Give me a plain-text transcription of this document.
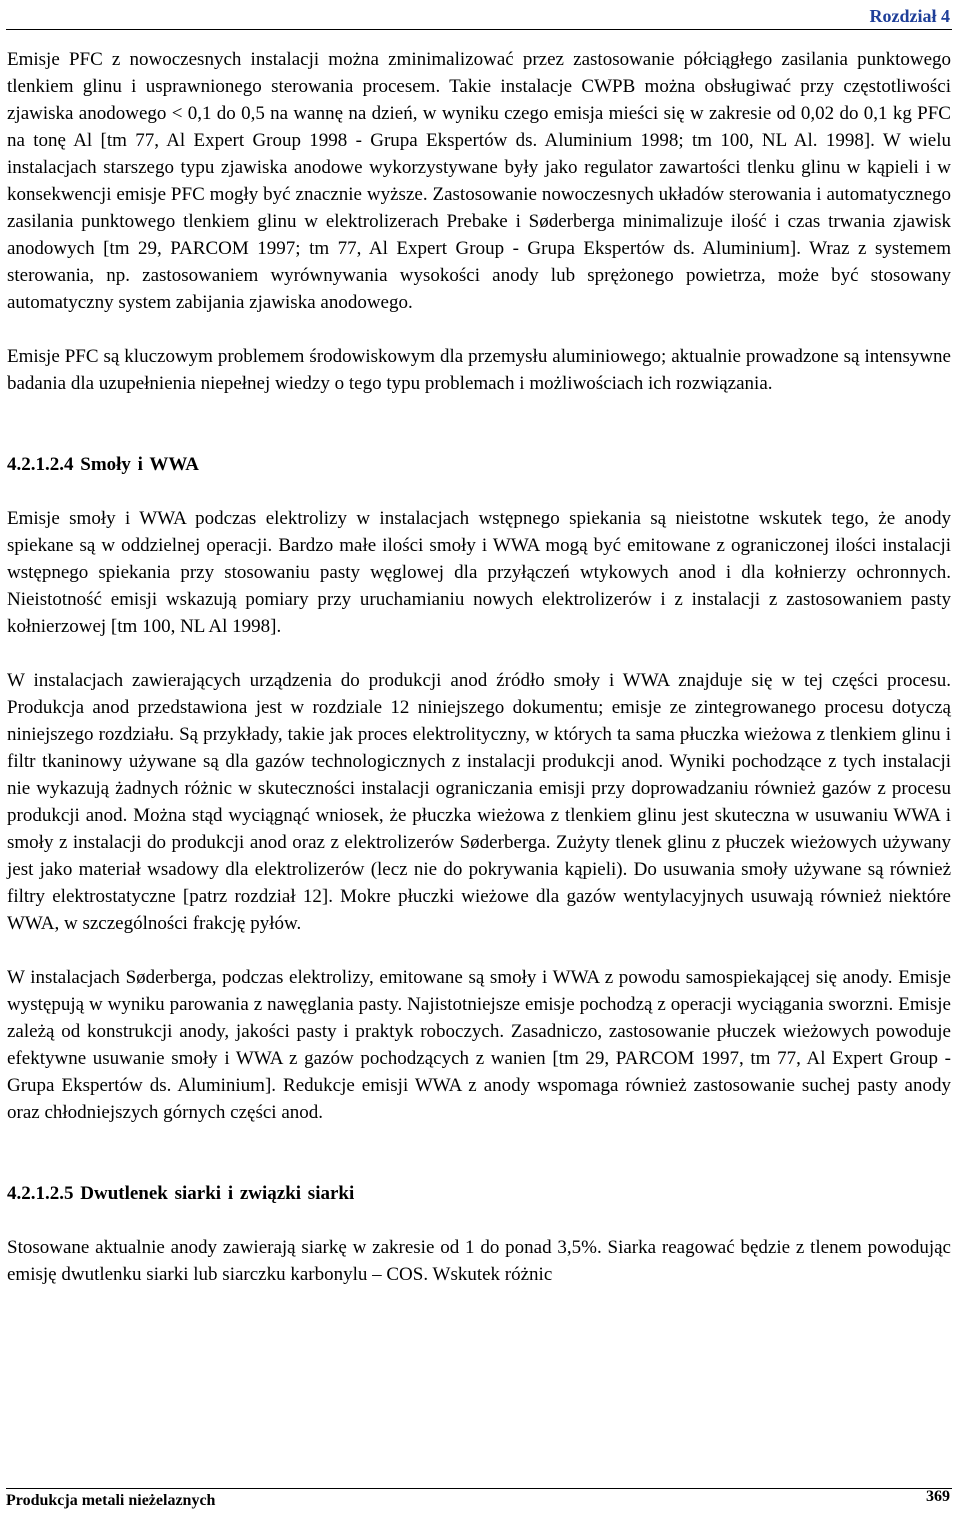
Rozdział 4

Emisje PFC z nowoczesnych instalacji można zminimalizować przez zastosowanie półciągłego zasilania punktowego tlenkiem glinu i usprawnionego sterowania procesem. Takie instalacje CWPB można obsługiwać przy częstotliwości zjawiska anodowego < 0,1 do 0,5 na wannę na dzień, w wyniku czego emisja mieści się w zakresie od 0,02 do 0,1 kg PFC na tonę Al [tm 77, Al Expert Group 1998 - Grupa Ekspertów ds. Aluminium 1998; tm 100, NL Al. 1998]. W wielu instalacjach starszego typu zjawiska anodowe wykorzystywane były jako regulator zawartości tlenku glinu w kąpieli i w konsekwencji emisje PFC mogły być znacznie wyższe. Zastosowanie nowoczesnych układów sterowania i automatycznego zasilania punktowego tlenkiem glinu w elektrolizerach Prebake i Søderberga minimalizuje ilość i czas trwania zjawisk anodowych [tm 29, PARCOM 1997; tm 77, Al Expert Group - Grupa Ekspertów ds. Aluminium]. Wraz z systemem sterowania, np. zastosowaniem wyrównywania wysokości anody lub sprężonego powietrza, może być stosowany automatyczny system zabijania zjawiska anodowego.

Emisje PFC są kluczowym problemem środowiskowym dla przemysłu aluminiowego; aktualnie prowadzone są intensywne badania dla uzupełnienia niepełnej wiedzy o tego typu problemach i możliwościach ich rozwiązania.

4.2.1.2.4 Smoły i WWA

Emisje smoły i WWA podczas elektrolizy w instalacjach wstępnego spiekania są nieistotne wskutek tego, że anody spiekane są w oddzielnej operacji. Bardzo małe ilości smoły i WWA mogą być emitowane z ograniczonej ilości instalacji wstępnego spiekania przy stosowaniu pasty węglowej dla przyłączeń wtykowych anod i dla kołnierzy ochronnych. Nieistotność emisji wskazują pomiary przy uruchamianiu nowych elektrolizerów i z instalacji z zastosowaniem pasty kołnierzowej [tm 100, NL Al 1998].

W instalacjach zawierających urządzenia do produkcji anod źródło smoły i WWA znajduje się w tej części procesu. Produkcja anod przedstawiona jest w rozdziale 12 niniejszego dokumentu; emisje ze zintegrowanego procesu dotyczą niniejszego rozdziału. Są przykłady, takie jak proces elektrolityczny, w których ta sama płuczka wieżowa z tlenkiem glinu i filtr tkaninowy używane są dla gazów technologicznych z instalacji produkcji anod. Wyniki pochodzące z tych instalacji nie wykazują żadnych różnic w skuteczności instalacji ograniczania emisji przy doprowadzaniu również gazów z procesu produkcji anod. Można stąd wyciągnąć wniosek, że płuczka wieżowa z tlenkiem glinu jest skuteczna w usuwaniu WWA i smoły z instalacji do produkcji anod oraz z elektrolizerów Søderberga. Zużyty tlenek glinu z płuczek wieżowych używany jest jako materiał wsadowy dla elektrolizerów (lecz nie do pokrywania kąpieli). Do usuwania smoły używane są również filtry elektrostatyczne [patrz rozdział 12]. Mokre płuczki wieżowe dla gazów wentylacyjnych usuwają również niektóre WWA, w szczególności frakcję pyłów.

W instalacjach Søderberga, podczas elektrolizy, emitowane są smoły i WWA z powodu samospiekającej się anody. Emisje występują w wyniku parowania z nawęglania pasty. Najistotniejsze emisje pochodzą z operacji wyciągania sworzni. Emisje zależą od konstrukcji anody, jakości pasty i praktyk roboczych. Zasadniczo, zastosowanie płuczek wieżowych powoduje efektywne usuwanie smoły i WWA z gazów pochodzących z wanien [tm 29, PARCOM 1997, tm 77, Al Expert Group - Grupa Ekspertów ds. Aluminium]. Redukcje emisji WWA z anody wspomaga również zastosowanie suchej pasty anody oraz chłodniejszych górnych części anod.

4.2.1.2.5 Dwutlenek siarki i związki siarki

Stosowane aktualnie anody zawierają siarkę w zakresie od 1 do ponad 3,5%. Siarka reagować będzie z tlenem powodując emisję dwutlenku siarki lub siarczku karbonylu – COS. Wskutek różnic

Produkcja metali nieżelaznych	369
